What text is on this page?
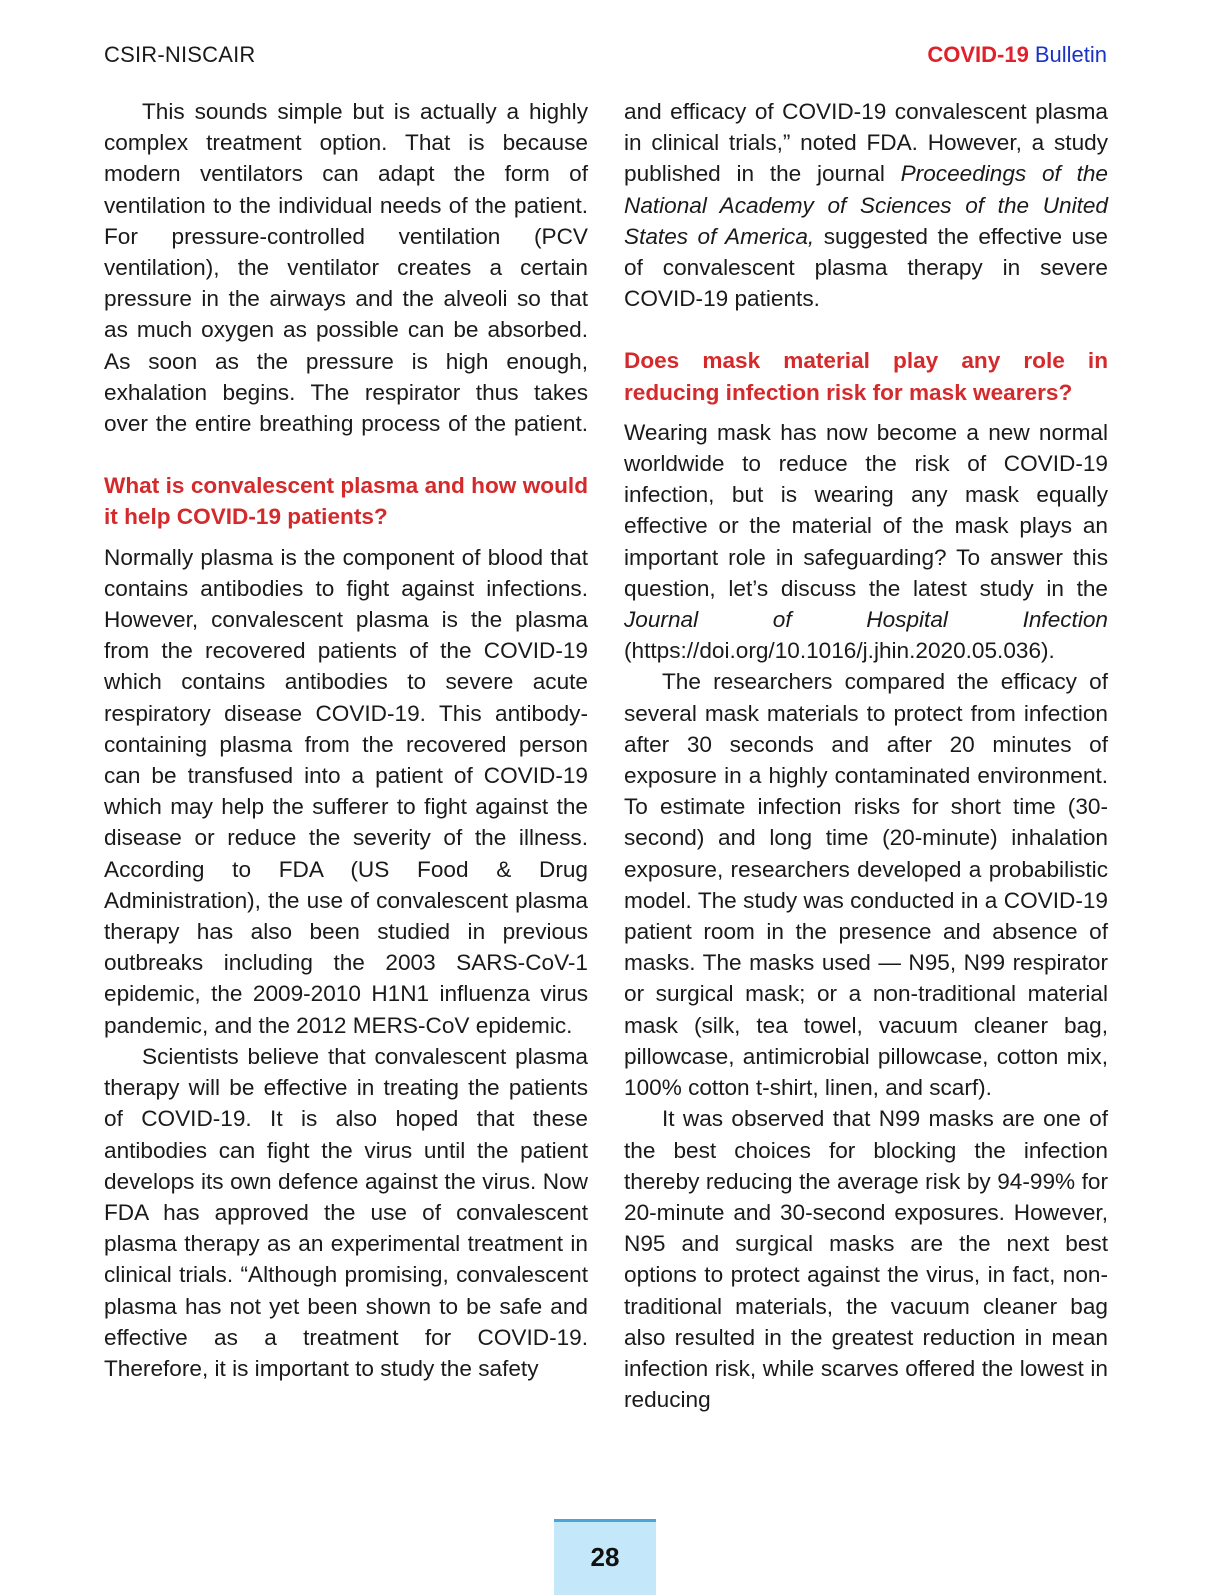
CSIR-NISCAIR	COVID-19 Bulletin

This sounds simple but is actually a highly complex treatment option. That is because modern ventilators can adapt the form of ventilation to the individual needs of the patient. For pressure-controlled ventilation (PCV ventilation), the ventilator creates a certain pressure in the airways and the alveoli so that as much oxygen as possible can be absorbed. As soon as the pressure is high enough, exhalation begins. The respirator thus takes over the entire breathing process of the patient.

What is convalescent plasma and how would it help COVID-19 patients?

Normally plasma is the component of blood that contains antibodies to fight against infections. However, convalescent plasma is the plasma from the recovered patients of the COVID-19 which contains antibodies to severe acute respiratory disease COVID-19. This antibody-containing plasma from the recovered person can be transfused into a patient of COVID-19 which may help the sufferer to fight against the disease or reduce the severity of the illness. According to FDA (US Food & Drug Administration), the use of convalescent plasma therapy has also been studied in previous outbreaks including the 2003 SARS-CoV-1 epidemic, the 2009-2010 H1N1 influenza virus pandemic, and the 2012 MERS-CoV epidemic.

Scientists believe that convalescent plasma therapy will be effective in treating the patients of COVID-19. It is also hoped that these antibodies can fight the virus until the patient develops its own defence against the virus. Now FDA has approved the use of convalescent plasma therapy as an experimental treatment in clinical trials. “Although promising, convalescent plasma has not yet been shown to be safe and effective as a treatment for COVID-19. Therefore, it is important to study the safety

and efficacy of COVID-19 convalescent plasma in clinical trials,” noted FDA. However, a study published in the journal Proceedings of the National Academy of Sciences of the United States of America, suggested the effective use of convalescent plasma therapy in severe COVID-19 patients.

Does mask material play any role in reducing infection risk for mask wearers?

Wearing mask has now become a new normal worldwide to reduce the risk of COVID-19 infection, but is wearing any mask equally effective or the material of the mask plays an important role in safeguarding? To answer this question, let’s discuss the latest study in the Journal of Hospital Infection (https://doi.org/10.1016/j.jhin.2020.05.036).

The researchers compared the efficacy of several mask materials to protect from infection after 30 seconds and after 20 minutes of exposure in a highly contaminated environment. To estimate infection risks for short time (30-second) and long time (20-minute) inhalation exposure, researchers developed a probabilistic model. The study was conducted in a COVID-19 patient room in the presence and absence of masks. The masks used — N95, N99 respirator or surgical mask; or a non-traditional material mask (silk, tea towel, vacuum cleaner bag, pillowcase, antimicrobial pillowcase, cotton mix, 100% cotton t-shirt, linen, and scarf).

It was observed that N99 masks are one of the best choices for blocking the infection thereby reducing the average risk by 94-99% for 20-minute and 30-second exposures. However, N95 and surgical masks are the next best options to protect against the virus, in fact, non-traditional materials, the vacuum cleaner bag also resulted in the greatest reduction in mean infection risk, while scarves offered the lowest in reducing

28
